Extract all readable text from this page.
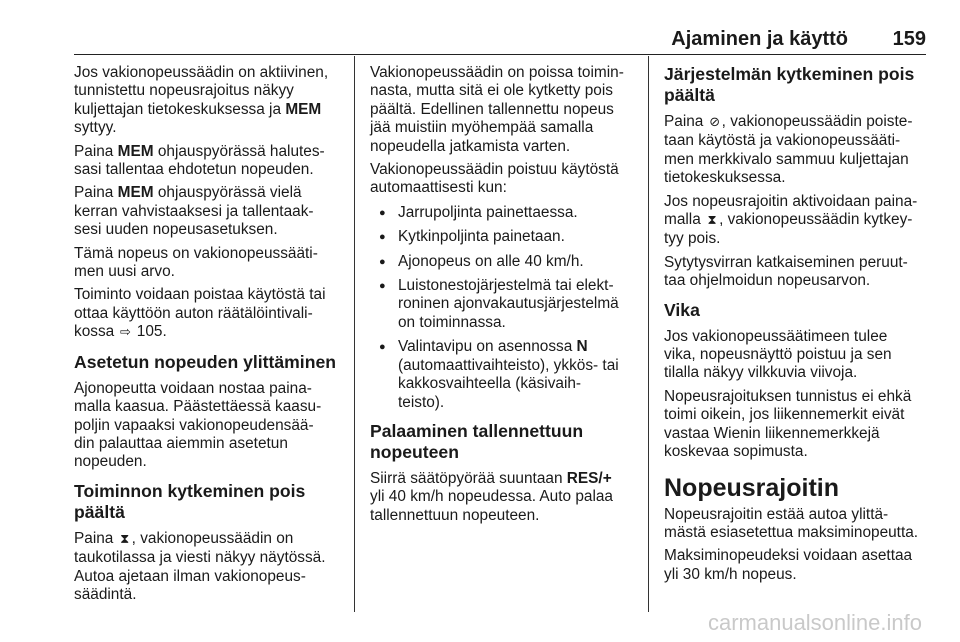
Ajaminen ja käyttö 159
Jos vakionopeussäädin on aktiivinen,
tunnistettu nopeusrajoitus näkyy
kuljettajan tietokeskuksessa ja MEM
syttyy.
Paina MEM ohjauspyörässä halutes-
sasi tallentaa ehdotetun nopeuden.
Paina MEM ohjauspyörässä vielä
kerran vahvistaaksesi ja tallentaak-
sesi uuden nopeusasetuksen.
Tämä nopeus on vakionopeussääti-
men uusi arvo.
Toiminto voidaan poistaa käytöstä tai
ottaa käyttöön auton räätälöintivali-
kossa ⇨ 105.
Asetetun nopeuden ylittäminen
Ajonopeutta voidaan nostaa paina-
malla kaasua. Päästettäessä kaasu-
poljin vapaaksi vakionopeudensää-
din palauttaa aiemmin asetetun
nopeuden.
Toiminnon kytkeminen pois
päältä
Paina ⧗ , vakionopeussäädin on
taukotilassa ja viesti näkyy näytössä.
Autoa ajetaan ilman vakionopeus-
säädintä.
Vakionopeussäädin on poissa toimin-
nasta, mutta sitä ei ole kytketty pois
päältä. Edellinen tallennettu nopeus
jää muistiin myöhempää samalla
nopeudella jatkamista varten.
Vakionopeussäädin poistuu käytöstä
automaattisesti kun:
● Jarrupoljinta painettaessa.
● Kytkinpoljinta painetaan.
● Ajonopeus on alle 40 km/h.
● Luistonestojärjestelmä tai elekt-
roninen ajonvakautusjärjestelmä
on toiminnassa.
● Valintavipu on asennossa N
(automaattivaihteisto), ykkös- tai
kakkosvaihteella (käsivaih-
teisto).
Palaaminen tallennettuun
nopeuteen
Siirrä säätöpyörää suuntaan RES/+
yli 40 km/h nopeudessa. Auto palaa
tallennettuun nopeuteen.
Järjestelmän kytkeminen pois
päältä
Paina ⊘ , vakionopeussäädin poiste-
taan käytöstä ja vakionopeussääti-
men merkkivalo sammuu kuljettajan
tietokeskuksessa.
Jos nopeusrajoitin aktivoidaan paina-
malla ⧗ , vakionopeussäädin kytkey-
tyy pois.
Sytytysvirran katkaiseminen peruut-
taa ohjelmoidun nopeusarvon.
Vika
Jos vakionopeussäätimeen tulee
vika, nopeusnäyttö poistuu ja sen
tilalla näkyy vilkkuvia viivoja.
Nopeusrajoituksen tunnistus ei ehkä
toimi oikein, jos liikennemerkit eivät
vastaa Wienin liikennemerkkejä
koskevaa sopimusta.
Nopeusrajoitin
Nopeusrajoitin estää autoa ylittä-
mästä esiasetettua maksiminopeutta.
Maksiminopeudeksi voidaan asettaa
yli 30 km/h nopeus.
carmanualsonline.info
